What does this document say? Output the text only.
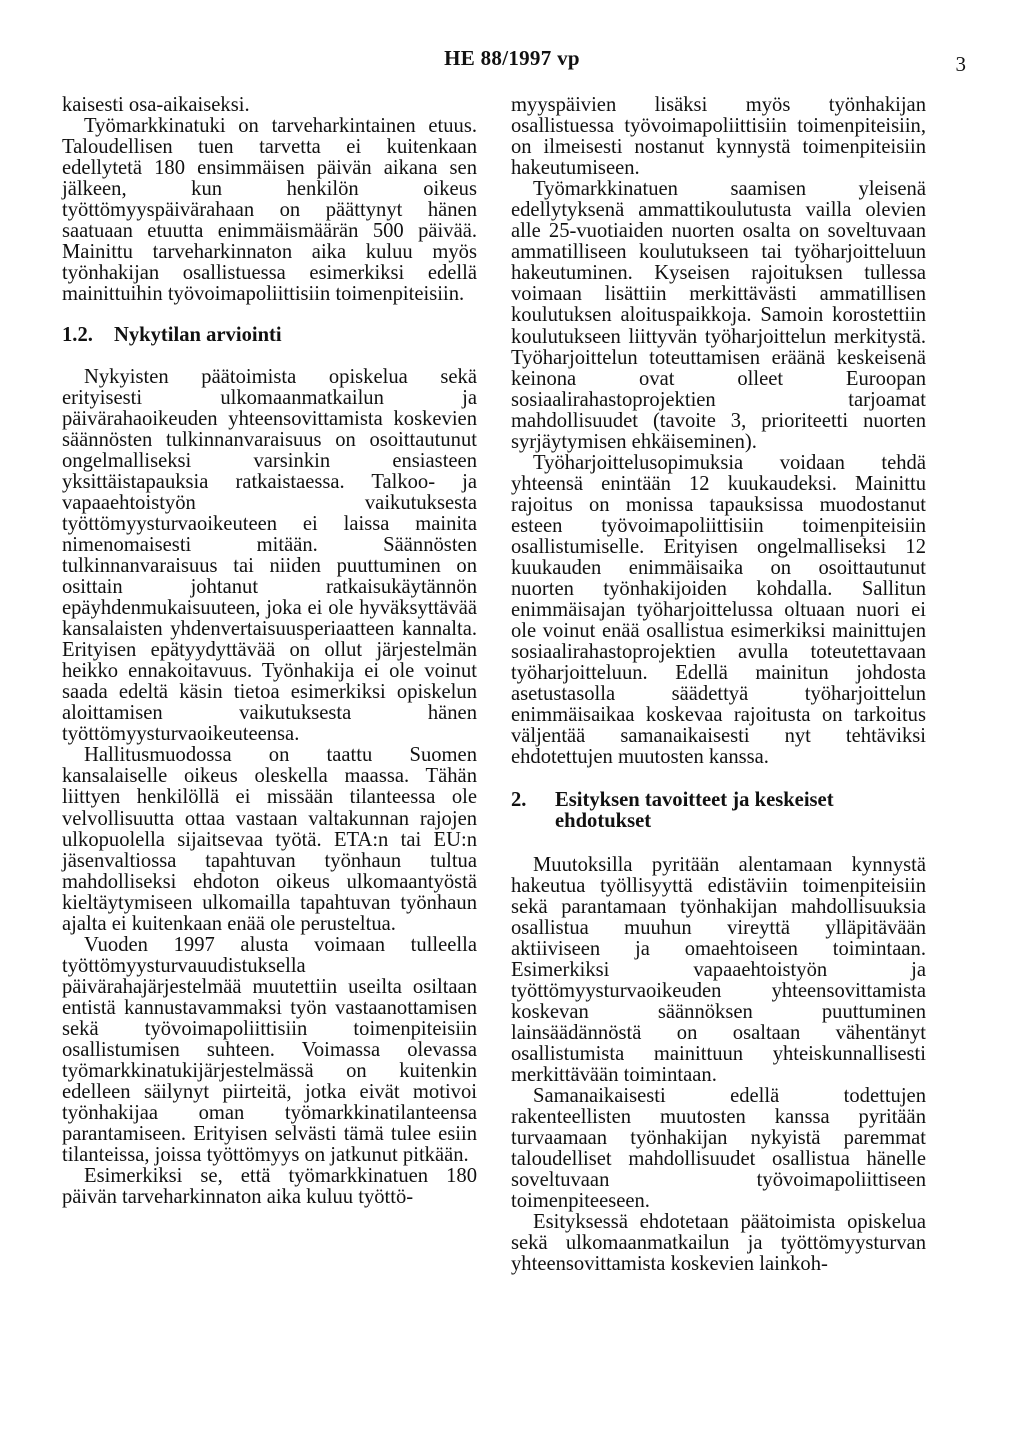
HE 88/1997 vp	3

kaisesti osa-aikaiseksi.

Työmarkkinatuki on tarveharkintainen etuus. Taloudellisen tuen tarvetta ei kuitenkaan edellytetä 180 ensimmäisen päivän aikana sen jälkeen, kun henkilön oikeus työttömyyspäivärahaan on päättynyt hänen saatuaan etuutta enimmäismäärän 500 päivää. Mainittu tarveharkinnaton aika kuluu myös työnhakijan osallistuessa esimerkiksi edellä mainittuihin työvoimapoliittisiin toimenpiteisiin.

1.2.	Nykytilan arviointi

Nykyisten päätoimista opiskelua sekä erityisesti ulkomaanmatkailun ja päivärahaoikeuden yhteensovittamista koskevien säännösten tulkinnanvaraisuus on osoittautunut ongelmalliseksi varsinkin ensiasteen yksittäistapauksia ratkaistaessa. Talkoo- ja vapaaehtoistyön vaikutuksesta työttömyysturvaoikeuteen ei laissa mainita nimenomaisesti mitään. Säännösten tulkinnanvaraisuus tai niiden puuttuminen on osittain johtanut ratkaisukäytännön epäyhdenmukaisuuteen, joka ei ole hyväksyttävää kansalaisten yhdenvertaisuusperiaatteen kannalta. Erityisen epätyydyttävää on ollut järjestelmän heikko ennakoitavuus. Työnhakija ei ole voinut saada edeltä käsin tietoa esimerkiksi opiskelun aloittamisen vaikutuksesta hänen työttömyysturvaoikeuteensa.

Hallitusmuodossa on taattu Suomen kansalaiselle oikeus oleskella maassa. Tähän liittyen henkilöllä ei missään tilanteessa ole velvollisuutta ottaa vastaan valtakunnan rajojen ulkopuolella sijaitsevaa työtä. ETA:n tai EU:n jäsenvaltiossa tapahtuvan työnhaun tultua mahdolliseksi ehdoton oikeus ulkomaantyöstä kieltäytymiseen ulkomailla tapahtuvan työnhaun ajalta ei kuitenkaan enää ole perusteltua.

Vuoden 1997 alusta voimaan tulleella työttömyysturvauudistuksella päivärahajärjestelmää muutettiin useilta osiltaan entistä kannustavammaksi työn vastaanottamisen sekä työvoimapoliittisiin toimenpiteisiin osallistumisen suhteen. Voimassa olevassa työmarkkinatukijärjestelmässä on kuitenkin edelleen säilynyt piirteitä, jotka eivät motivoi työnhakijaa oman työmarkkinatilanteensa parantamiseen. Erityisen selvästi tämä tulee esiin tilanteissa, joissa työttömyys on jatkunut pitkään.

Esimerkiksi se, että työmarkkinatuen 180 päivän tarveharkinnaton aika kuluu työttö-

myyspäivien lisäksi myös työnhakijan osallistuessa työvoimapoliittisiin toimenpiteisiin, on ilmeisesti nostanut kynnystä toimenpiteisiin hakeutumiseen.

Työmarkkinatuen saamisen yleisenä edellytyksenä ammattikoulutusta vailla olevien alle 25-vuotiaiden nuorten osalta on soveltuvaan ammatilliseen koulutukseen tai työharjoitteluun hakeutuminen. Kyseisen rajoituksen tullessa voimaan lisättiin merkittävästi ammatillisen koulutuksen aloituspaikkoja. Samoin korostettiin koulutukseen liittyvän työharjoittelun merkitystä. Työharjoittelun toteuttamisen eräänä keskeisenä keinona ovat olleet Euroopan sosiaalirahastoprojektien tarjoamat mahdollisuudet (tavoite 3, prioriteetti nuorten syrjäytymisen ehkäiseminen).

Työharjoittelusopimuksia voidaan tehdä yhteensä enintään 12 kuukaudeksi. Mainittu rajoitus on monissa tapauksissa muodostanut esteen työvoimapoliittisiin toimenpiteisiin osallistumiselle. Erityisen ongelmalliseksi 12 kuukauden enimmäisaika on osoittautunut nuorten työnhakijoiden kohdalla. Sallitun enimmäisajan työharjoittelussa oltuaan nuori ei ole voinut enää osallistua esimerkiksi mainittujen sosiaalirahastoprojektien avulla toteutettavaan työharjoitteluun. Edellä mainitun johdosta asetustasolla säädettyä työharjoittelun enimmäisaikaa koskevaa rajoitusta on tarkoitus väljentää samanaikaisesti nyt tehtäviksi ehdotettujen muutosten kanssa.

2.	Esityksen tavoitteet ja keskeiset ehdotukset

Muutoksilla pyritään alentamaan kynnystä hakeutua työllisyyttä edistäviin toimenpiteisiin sekä parantamaan työnhakijan mahdollisuuksia osallistua muuhun vireyttä ylläpitävään aktiiviseen ja omaehtoiseen toimintaan. Esimerkiksi vapaaehtoistyön ja työttömyysturvaoikeuden yhteensovittamista koskevan säännöksen puuttuminen lainsäädännöstä on osaltaan vähentänyt osallistumista mainittuun yhteiskunnallisesti merkittävään toimintaan.

Samanaikaisesti edellä todettujen rakenteellisten muutosten kanssa pyritään turvaamaan työnhakijan nykyistä paremmat taloudelliset mahdollisuudet osallistua hänelle soveltuvaan työvoimapoliittiseen toimenpiteeseen.

Esityksessä ehdotetaan päätoimista opiskelua sekä ulkomaanmatkailun ja työttömyysturvan yhteensovittamista koskevien lainkoh-
